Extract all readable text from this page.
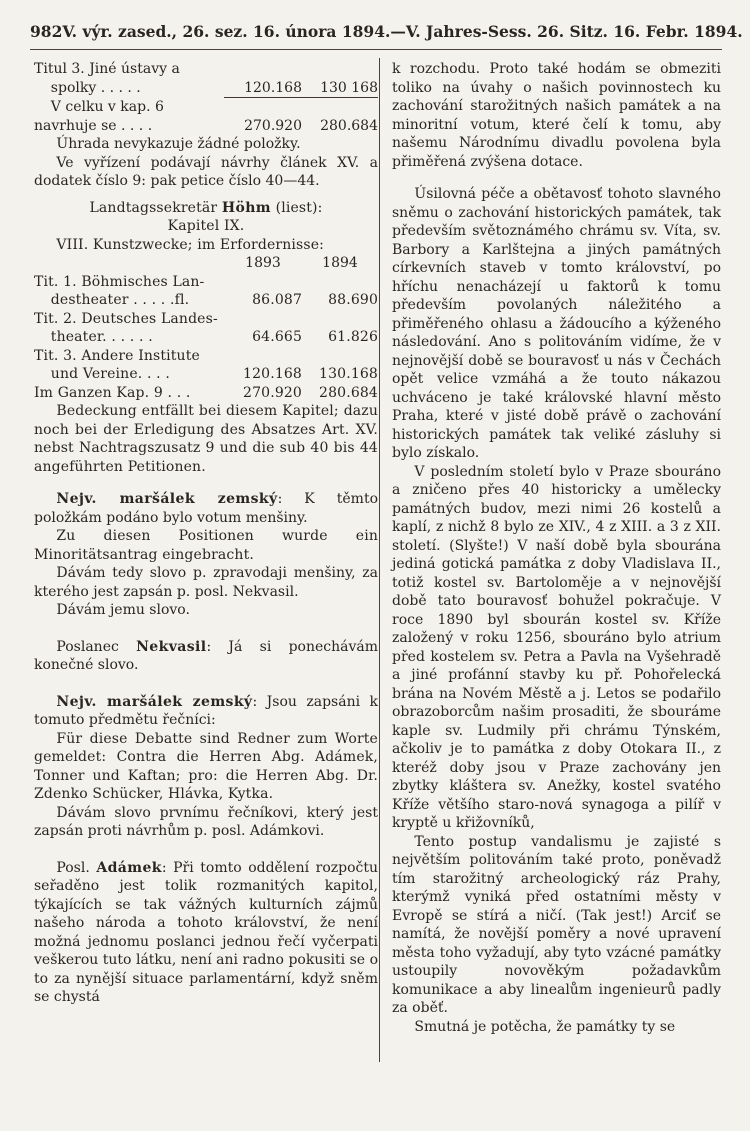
982 V. výr. zased., 26. sez. 16. února 1894. — V. Jahres-Sess. 26. Sitz. 16. Febr. 1894.
Titul 3. Jiné ústavy a
spolky . . . . .	120.168	130 168
V celku v kap. 6
navrhuje se . . . .	270.920	280.684
Úhrada nevykazuje žádné položky.
Ve vyřízení podávají návrhy článek XV. a dodatek číslo 9: pak petice číslo 40—44.
Landtagssekretär Höhm (liest):
Kapitel IX.
VIII. Kunstzwecke; im Erfordernisse:
1893	1894
Tit. 1. Böhmisches Lan-
destheater . . . . .fl.	86.087	88.690
Tit. 2. Deutsches Landes-
theater. . . . . .	64.665	61.826
Tit. 3. Andere Institute
und Vereine. . . .	120.168	130.168
Im Ganzen Kap. 9 . . .	270.920	280.684
Bedeckung entfällt bei diesem Kapitel; dazu noch bei der Erledigung des Absatzes Art. XV. nebst Nachtragszusatz 9 und die sub 40 bis 44 angeführten Petitionen.
Nejv. maršálek zemský: K těmto položkám podáno bylo votum menšiny.
Zu diesen Positionen wurde ein Minoritätsantrag eingebracht.
Dávám tedy slovo p. zpravodaji menšiny, za kterého jest zapsán p. posl. Nekvasil.
Dávám jemu slovo.
Poslanec Nekvasil: Já si ponechávám konečné slovo.
Nejv. maršálek zemský: Jsou zapsáni k tomuto předmětu řečníci:
Für diese Debatte sind Redner zum Worte gemeldet: Contra die Herren Abg. Adámek, Tonner und Kaftan; pro: die Herren Abg. Dr. Zdenko Schücker, Hlávka, Kytka.
Dávám slovo prvnímu řečníkovi, který jest zapsán proti návrhům p. posl. Adámkovi.
Posl. Adámek: Při tomto oddělení rozpočtu seřaděno jest tolik rozmanitých kapitol, týkajících se tak vážných kulturních zájmů našeho národa a tohoto království, že není možná jednomu poslanci jednou řečí vyčerpati veškerou tuto látku, není ani radno pokusiti se o to za nynější situace parlamentární, když sněm se chystá
k rozchodu. Proto také hodám se obmeziti toliko na úvahy o našich povinnostech ku zachování starožitných našich památek a na minoritní votum, které čelí k tomu, aby našemu Národnímu divadlu povolena byla přiměřená zvýšena dotace.
Úsilovná péče a obětavosť tohoto slavného sněmu o zachování historických památek, tak především světoznámého chrámu sv. Víta, sv. Barbory a Karlštejna a jiných památných církevních staveb v tomto království, po hříchu nenacházejí u faktorů k tomu především povolaných náležitého a přiměřeného ohlasu a žádoucího a kýženého následování. Ano s politováním vidíme, že v nejnovější době se bouravosť u nás v Čechách opět velice vzmáhá a že touto nákazou uchváceno je také královské hlavní město Praha, které v jisté době právě o zachování historických památek tak veliké zásluhy si bylo získalo.
V posledním století bylo v Praze sbouráno a zničeno přes 40 historicky a umělecky památných budov, mezi nimi 26 kostelů a kaplí, z nichž 8 bylo ze XIV., 4 z XIII. a 3 z XII. století. (Slyšte!) V naší době byla sbourána jediná gotická památka z doby Vladislava II., totiž kostel sv. Bartoloměje a v nejnovější době tato bouravosť bohužel pokračuje. V roce 1890 byl sbourán kostel sv. Kříže založený v roku 1256, sbouráno bylo atrium před kostelem sv. Petra a Pavla na Vyšehradě a jiné profánní stavby ku př. Pohořelecká brána na Novém Městě a j. Letos se podařilo obrazoborcům našim prosaditi, že sbouráme kaple sv. Ludmily při chrámu Týnském, ačkoliv je to památka z doby Otokara II., z kteréž doby jsou v Praze zachovány jen zbytky kláštera sv. Anežky, kostel svatého Kříže většího staro-nová synagoga a pilíř v kryptě u křižovníků,
Tento postup vandalismu je zajisté s největším politováním také proto, poněvadž tím starožitný archeologický ráz Prahy, kterýmž vyniká před ostatními městy v Evropě se stírá a ničí. (Tak jest!) Arciť se namítá, že novější poměry a nové upravení města toho vyžadují, aby tyto vzácné památky ustoupily novověkým požadavkům komunikace a aby linealům ingenieurů padly za oběť.
Smutná je potěcha, že památky ty se
